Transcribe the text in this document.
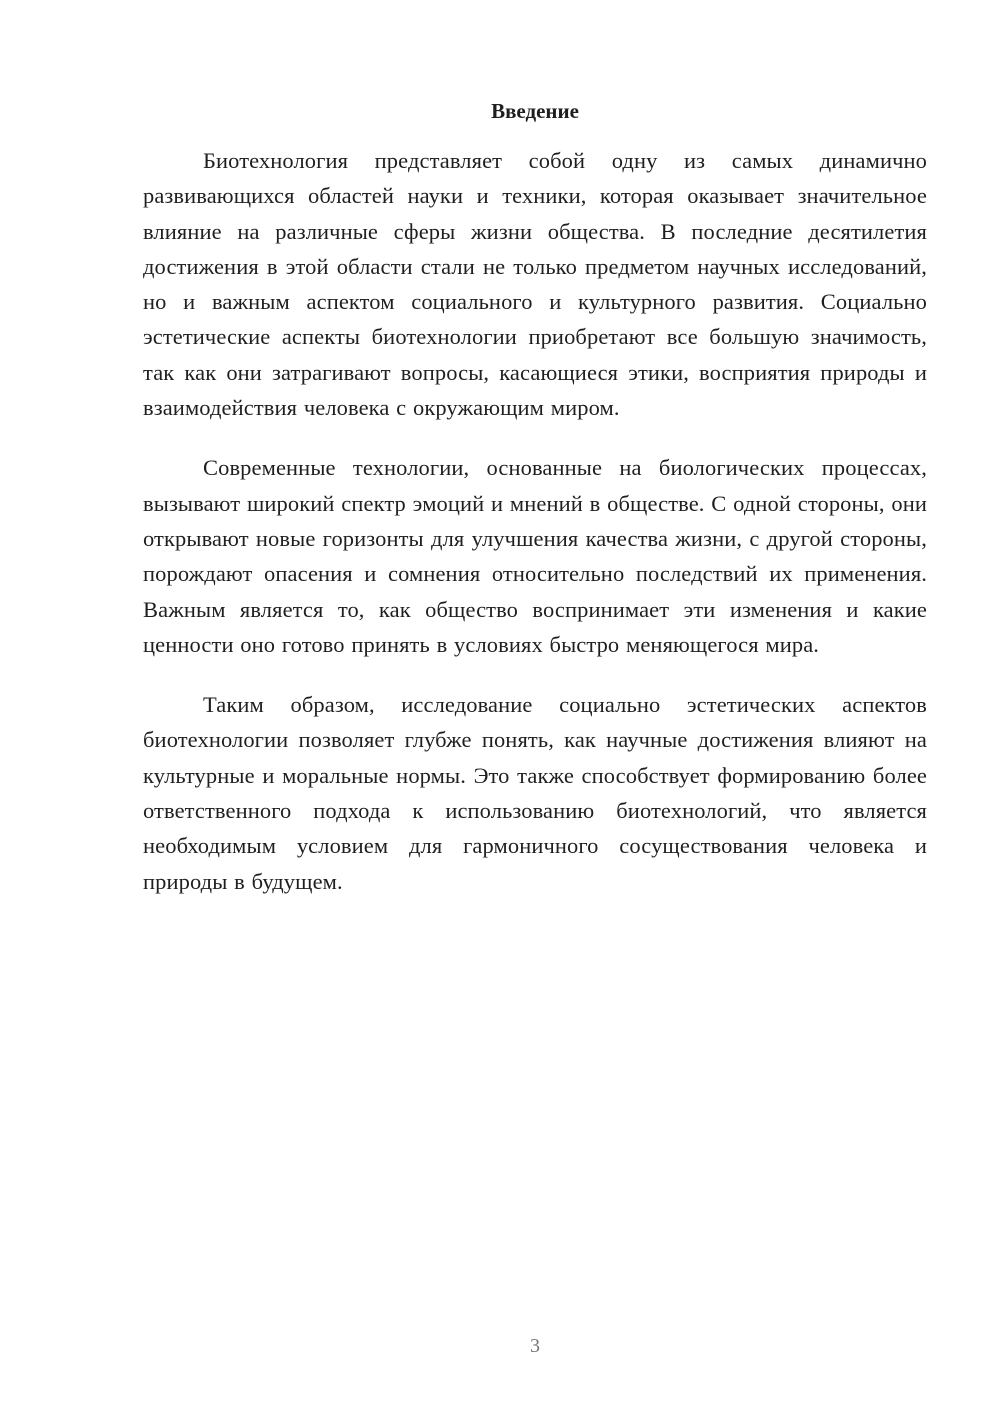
Введение

Биотехнология представляет собой одну из самых динамично развивающихся областей науки и техники, которая оказывает значительное влияние на различные сферы жизни общества. В последние десятилетия достижения в этой области стали не только предметом научных исследований, но и важным аспектом социального и культурного развития. Социально эстетические аспекты биотехнологии приобретают все большую значимость, так как они затрагивают вопросы, касающиеся этики, восприятия природы и взаимодействия человека с окружающим миром.

Современные технологии, основанные на биологических процессах, вызывают широкий спектр эмоций и мнений в обществе. С одной стороны, они открывают новые горизонты для улучшения качества жизни, с другой стороны, порождают опасения и сомнения относительно последствий их применения. Важным является то, как общество воспринимает эти изменения и какие ценности оно готово принять в условиях быстро меняющегося мира.

Таким образом, исследование социально эстетических аспектов биотехнологии позволяет глубже понять, как научные достижения влияют на культурные и моральные нормы. Это также способствует формированию более ответственного подхода к использованию биотехнологий, что является необходимым условием для гармоничного сосуществования человека и природы в будущем.

3
